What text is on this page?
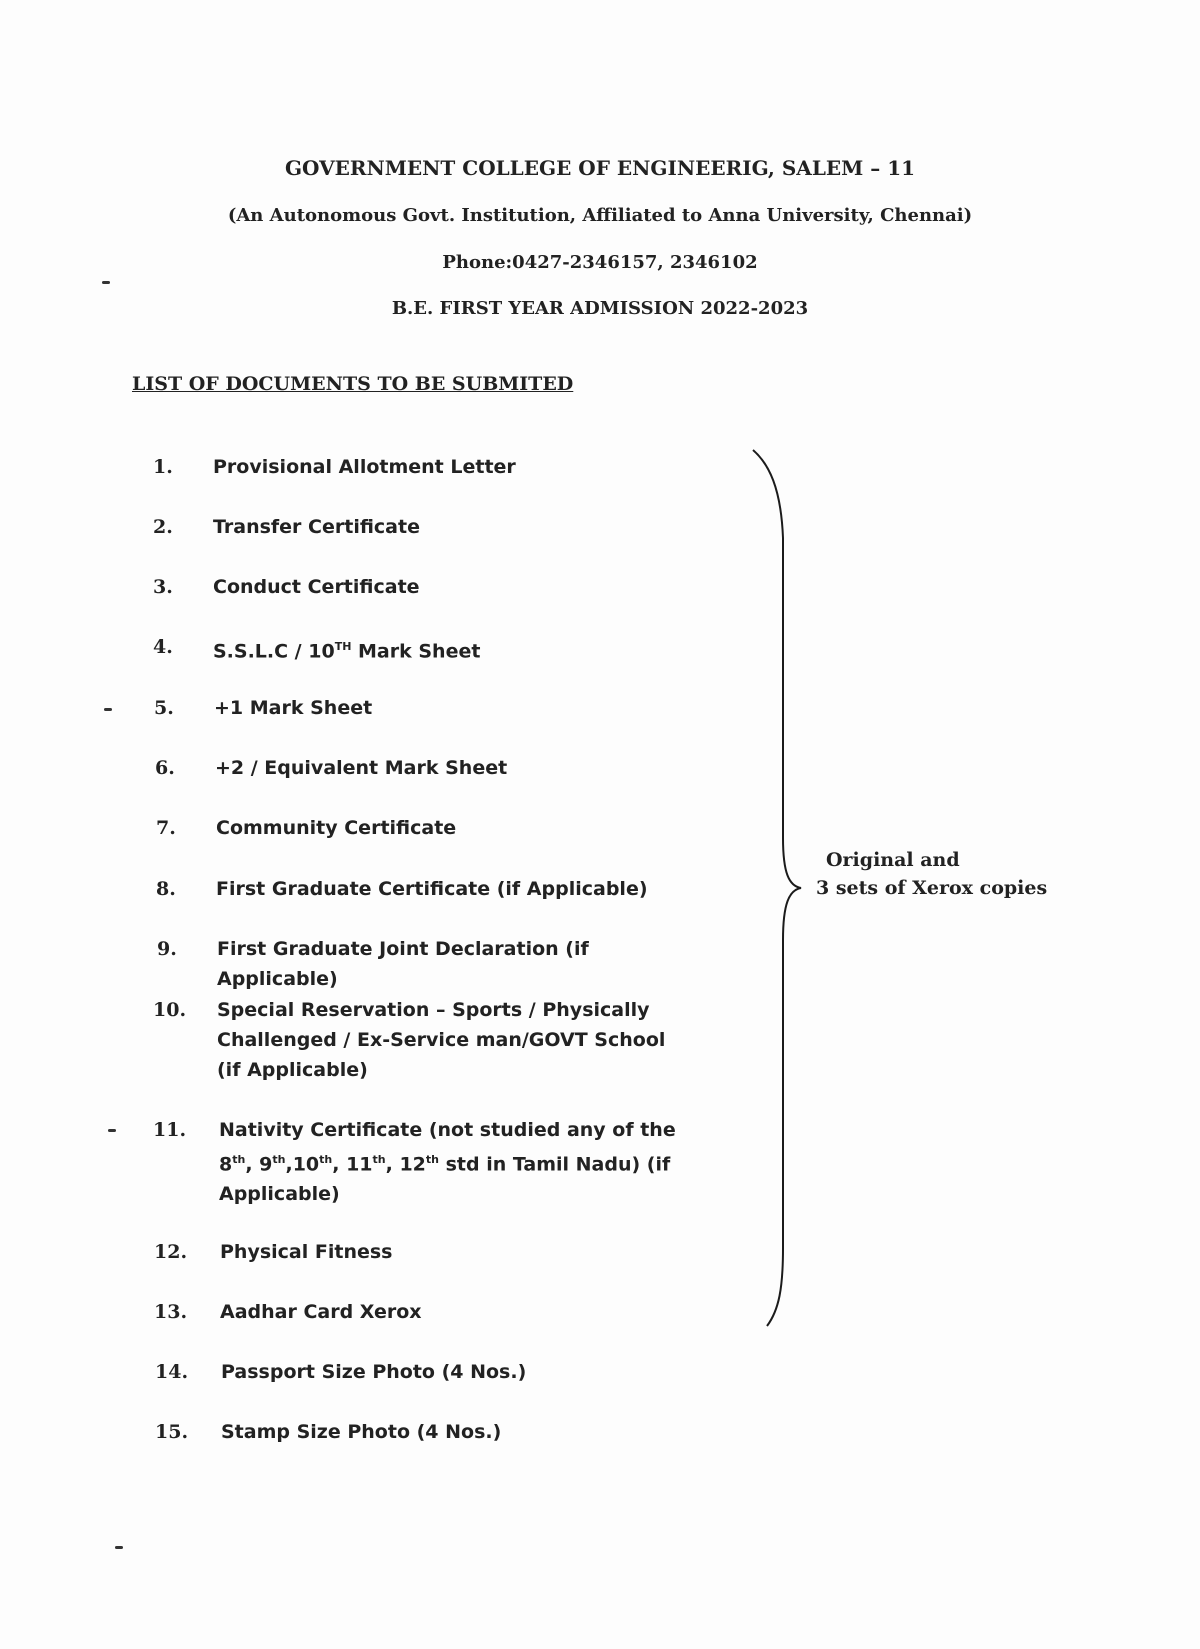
GOVERNMENT COLLEGE OF ENGINEERIG, SALEM – 11
(An Autonomous Govt. Institution, Affiliated to Anna University, Chennai)
Phone:0427-2346157, 2346102
B.E. FIRST YEAR ADMISSION 2022-2023
LIST OF DOCUMENTS TO BE SUBMITED
1.	Provisional Allotment Letter
2.	Transfer Certificate
3.	Conduct Certificate
4.	S.S.L.C / 10TH Mark Sheet
5.	+1 Mark Sheet
6.	+2 / Equivalent Mark Sheet
7.	Community Certificate
8.	First Graduate Certificate (if Applicable)
9.	First Graduate Joint Declaration (if Applicable)
10.	Special Reservation – Sports / Physically Challenged / Ex-Service man/GOVT School (if Applicable)
11.	Nativity Certificate (not studied any of the 8th, 9th,10th, 11th, 12th std in Tamil Nadu) (if Applicable)
12.	Physical Fitness
13.	Aadhar Card Xerox
14.	Passport Size Photo (4 Nos.)
15.	Stamp Size Photo (4 Nos.)
Original and
3 sets of Xerox copies
